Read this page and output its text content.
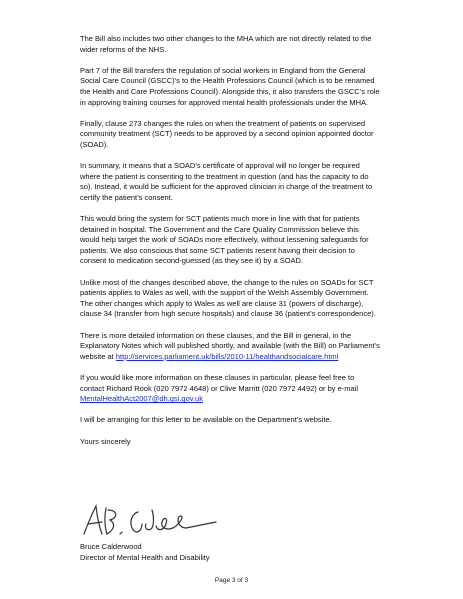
The Bill also includes two other changes to the MHA which are not directly related to the wider reforms of the NHS.

Part 7 of the Bill transfers the regulation of social workers in England from the General Social Care Council (GSCC)’s to the Health Professions Council (which is to be renamed the Health and Care Professions Council). Alongside this, it also transfers the GSCC’s role in approving training courses for approved mental health professionals under the MHA.

Finally, clause 273 changes the rules on when the treatment of patients on supervised community treatment (SCT) needs to be approved by a second opinion appointed doctor (SOAD).

In summary, it means that a SOAD’s certificate of approval will no longer be required where the patient is consenting to the treatment in question (and has the capacity to do so). Instead, it would be sufficient for the approved clinician in charge of the treatment to certify the patient’s consent.

This would bring the system for SCT patients much more in line with that for patients detained in hospital. The Government and the Care Quality Commission believe this would help target the work of SOADs more effectively, without lessening safeguards for patients. We also conscious that some SCT patients resent having their decision to consent to medication second-guessed (as they see it) by a SOAD.

Unlike most of the changes described above, the change to the rules on SOADs for SCT patients applies to Wales as well, with the support of the Welsh Assembly Government. The other changes which apply to Wales as well are clause 31 (powers of discharge), clause 34 (transfer from high secure hospitals) and clause 36 (patient’s correspondence).

There is more detailed information on these clauses, and the Bill in general, in the Explanatory Notes which will published shortly, and available (with the Bill) on Parliament’s website at http://services.parliament.uk/bills/2010-11/healthandsocialcare.html

If you would like more information on these clauses in particular, please feel free to contact Richard Rook (020 7972 4648) or Clive Marritt (020 7972 4492) or by e-mail MentalHealthAct2007@dh.gsi.gov.uk

I will be arranging for this letter to be available on the Department’s website.

Yours sincerely

Bruce Calderwood
Director of Mental Health and Disability
Page 3 of 3
